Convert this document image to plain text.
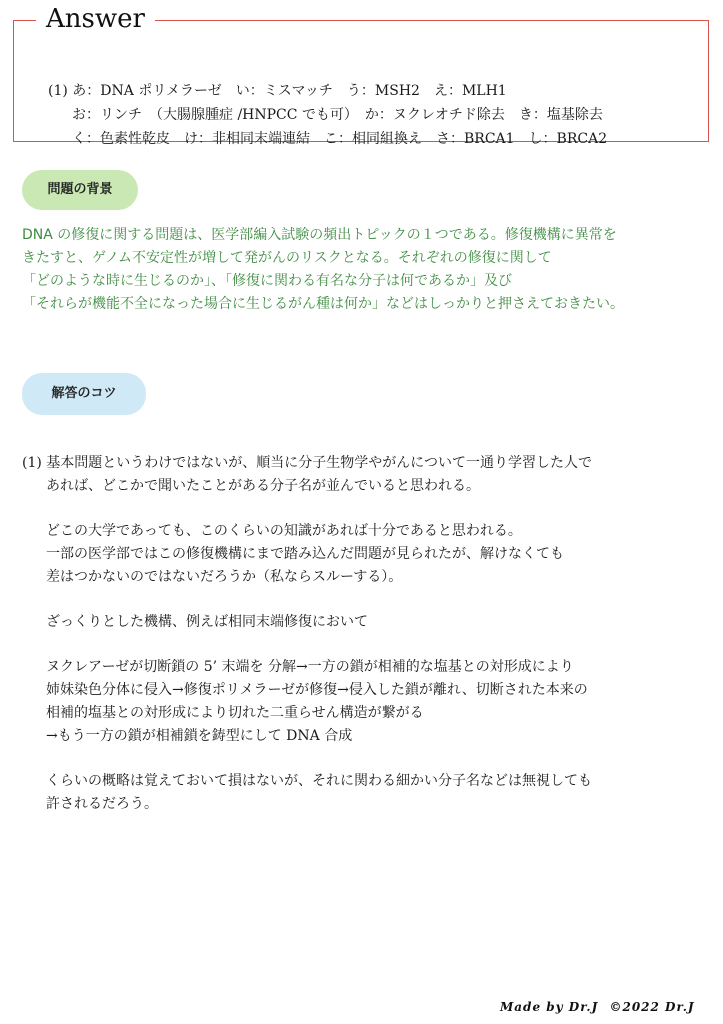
(1) あ：DNA ポリメラーゼ　い：ミスマッチ　う：MSH2　え：MLH1
お：リンチ　（大腸腺腫症 /HNPCC でも可）　か：ヌクレオチド除去　き：塩基除去
く：色素性乾皮　け：非相同末端連結　こ：相同組換え　さ：BRCA1　し：BRCA2
Answer
問題の背景
DNA の修復に関する問題は、医学部編入試験の頻出トピックの１つである。修復機構に異常を
きたすと、ゲノム不安定性が増して発がんのリスクとなる。それぞれの修復に関して
「どのような時に生じるのか」、「修復に関わる有名な分子は何であるか」及び
「それらが機能不全になった場合に生じるがん種は何か」などはしっかりと押さえておきたい。
解答のコツ
(1) 基本問題というわけではないが、順当に分子生物学やがんについて一通り学習した人で
あれば、どこかで聞いたことがある分子名が並んでいると思われる。
どこの大学であっても、このくらいの知識があれば十分であると思われる。
一部の医学部ではこの修復機構にまで踏み込んだ問題が見られたが、解けなくても
差はつかないのではないだろうか（私ならスルーする）。
ざっくりとした機構、例えば相同末端修復において
ヌクレアーゼが切断鎖の 5’ 末端を 分解→一方の鎖が相補的な塩基との対形成により
姉妹染色分体に侵入→修復ポリメラーゼが修復→侵入した鎖が離れ、切断された本来の
相補的塩基との対形成により切れた二重らせん構造が繋がる
→もう一方の鎖が相補鎖を鋳型にして DNA 合成
くらいの概略は覚えておいて損はないが、それに関わる細かい分子名などは無視しても
許されるだろう。
Made by Dr.J ©2022 Dr.J
